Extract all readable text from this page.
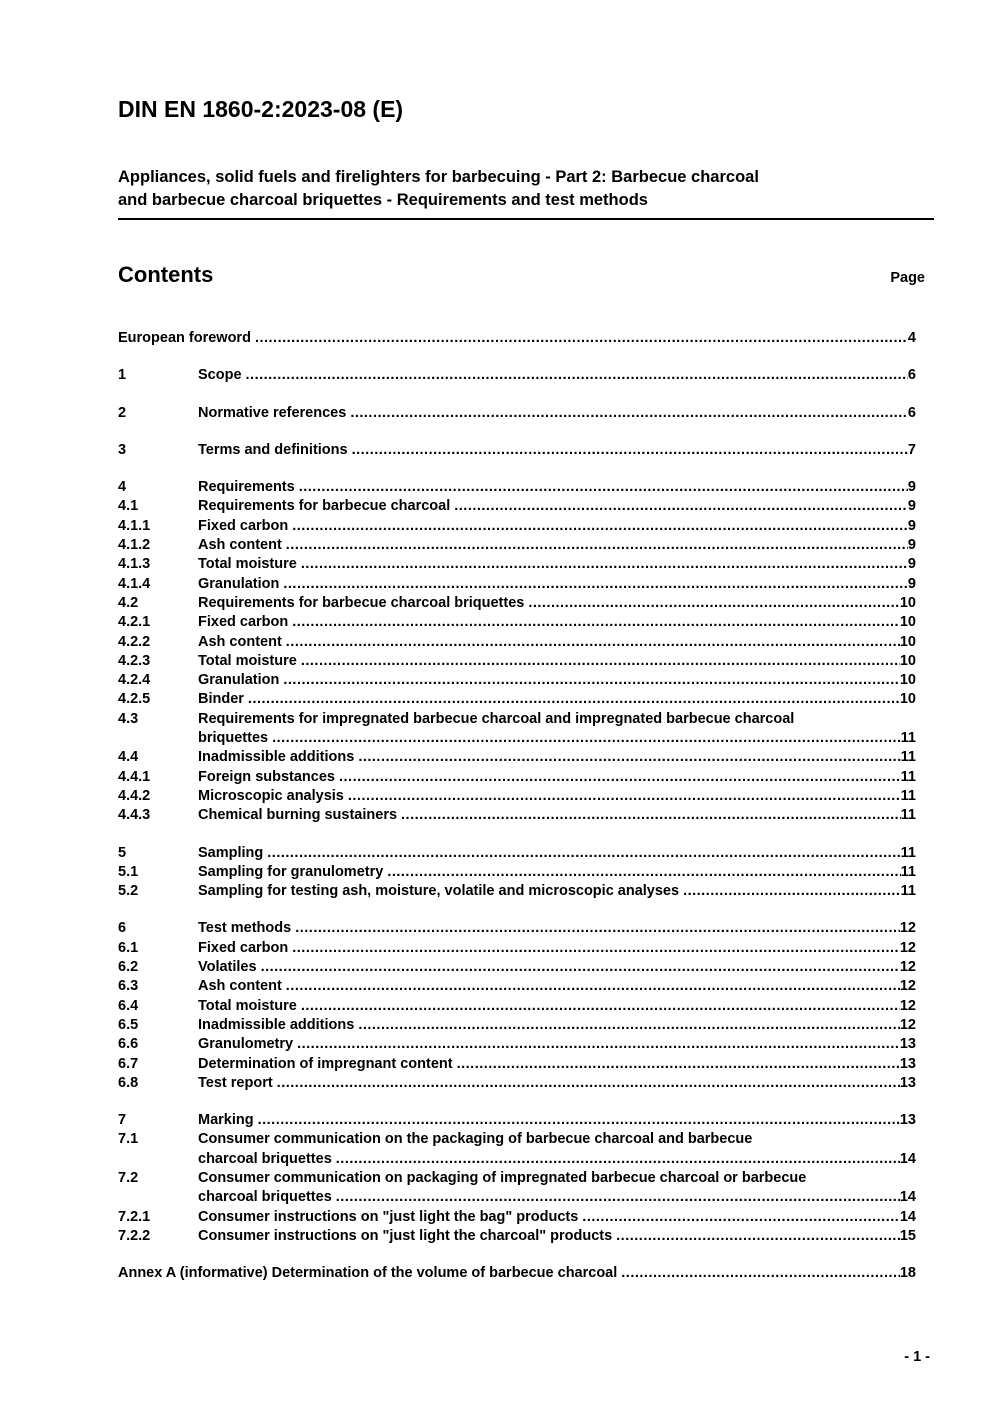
DIN EN 1860-2:2023-08 (E)
Appliances, solid fuels and firelighters for barbecuing - Part 2: Barbecue charcoal
and barbecue charcoal briquettes - Requirements and test methods
Contents	Page
European foreword .....	4
1	Scope .....	6
2	Normative references .....	6
3	Terms and definitions .....	7
4	Requirements .....	9
4.1	Requirements for barbecue charcoal .....	9
4.1.1	Fixed carbon .....	9
4.1.2	Ash content .....	9
4.1.3	Total moisture .....	9
4.1.4	Granulation .....	9
4.2	Requirements for barbecue charcoal briquettes .....	10
4.2.1	Fixed carbon .....	10
4.2.2	Ash content .....	10
4.2.3	Total moisture .....	10
4.2.4	Granulation .....	10
4.2.5	Binder .....	10
4.3	Requirements for impregnated barbecue charcoal and impregnated barbecue charcoal
briquettes .....	11
4.4	Inadmissible additions .....	11
4.4.1	Foreign substances .....	11
4.4.2	Microscopic analysis .....	11
4.4.3	Chemical burning sustainers .....	11
5	Sampling .....	11
5.1	Sampling for granulometry .....	11
5.2	Sampling for testing ash, moisture, volatile and microscopic analyses .....	11
6	Test methods .....	12
6.1	Fixed carbon .....	12
6.2	Volatiles .....	12
6.3	Ash content .....	12
6.4	Total moisture .....	12
6.5	Inadmissible additions .....	12
6.6	Granulometry .....	13
6.7	Determination of impregnant content .....	13
6.8	Test report .....	13
7	Marking .....	13
7.1	Consumer communication on the packaging of barbecue charcoal and barbecue
charcoal briquettes .....	14
7.2	Consumer communication on packaging of impregnated barbecue charcoal or barbecue
charcoal briquettes .....	14
7.2.1	Consumer instructions on "just light the bag" products .....	14
7.2.2	Consumer instructions on "just light the charcoal" products .....	15
Annex A (informative) Determination of the volume of barbecue charcoal .....	18
- 1 -
